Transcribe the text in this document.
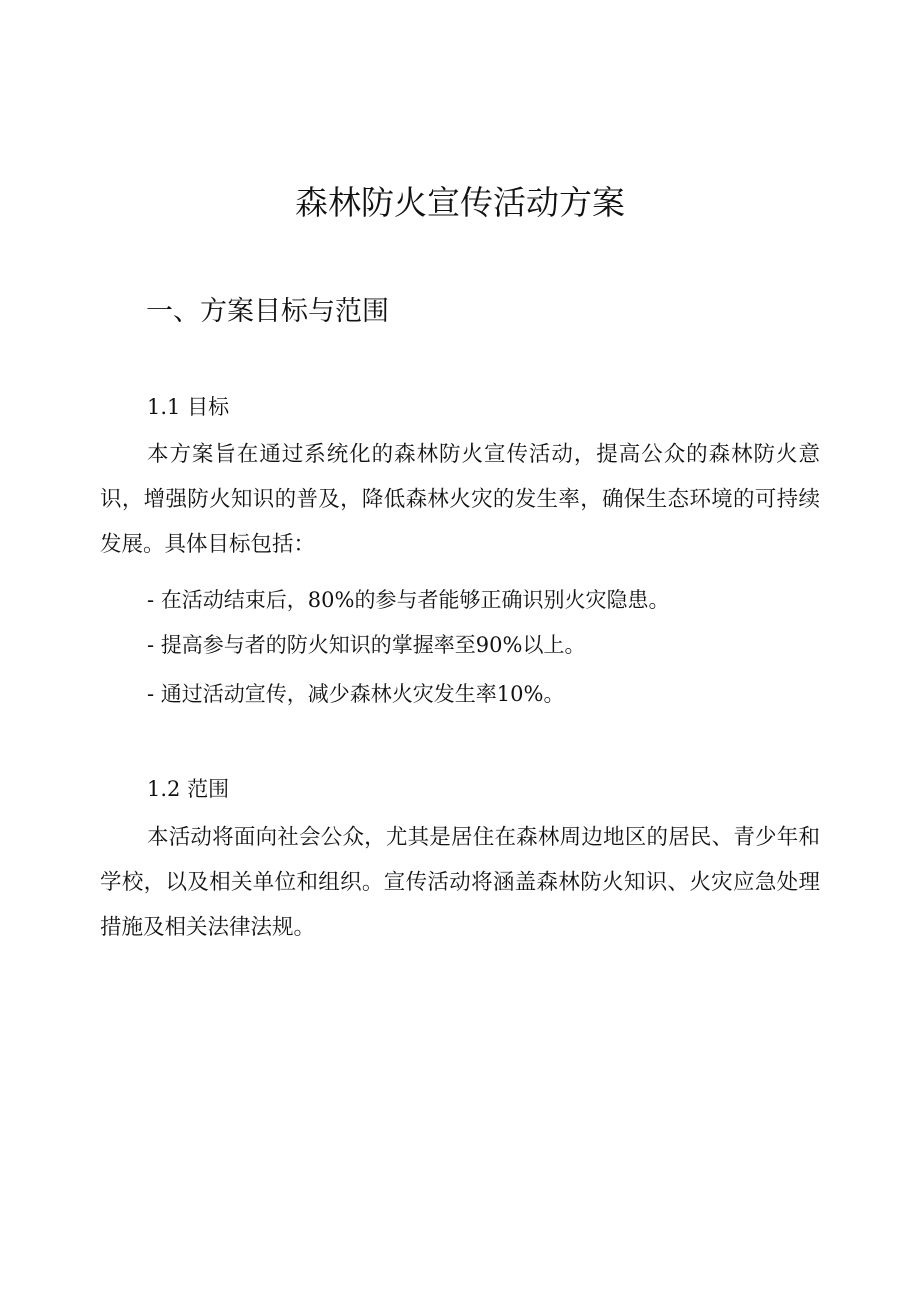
森林防火宣传活动方案
一、方案目标与范围
1.1 目标

本方案旨在通过系统化的森林防火宣传活动，提高公众的森林防火意识，增强防火知识的普及，降低森林火灾的发生率，确保生态环境的可持续发展。具体目标包括：

- 在活动结束后，80%的参与者能够正确识别火灾隐患。
- 提高参与者的防火知识的掌握率至90%以上。
- 通过活动宣传，减少森林火灾发生率10%。
1.2 范围

本活动将面向社会公众，尤其是居住在森林周边地区的居民、青少年和学校，以及相关单位和组织。宣传活动将涵盖森林防火知识、火灾应急处理措施及相关法律法规。
